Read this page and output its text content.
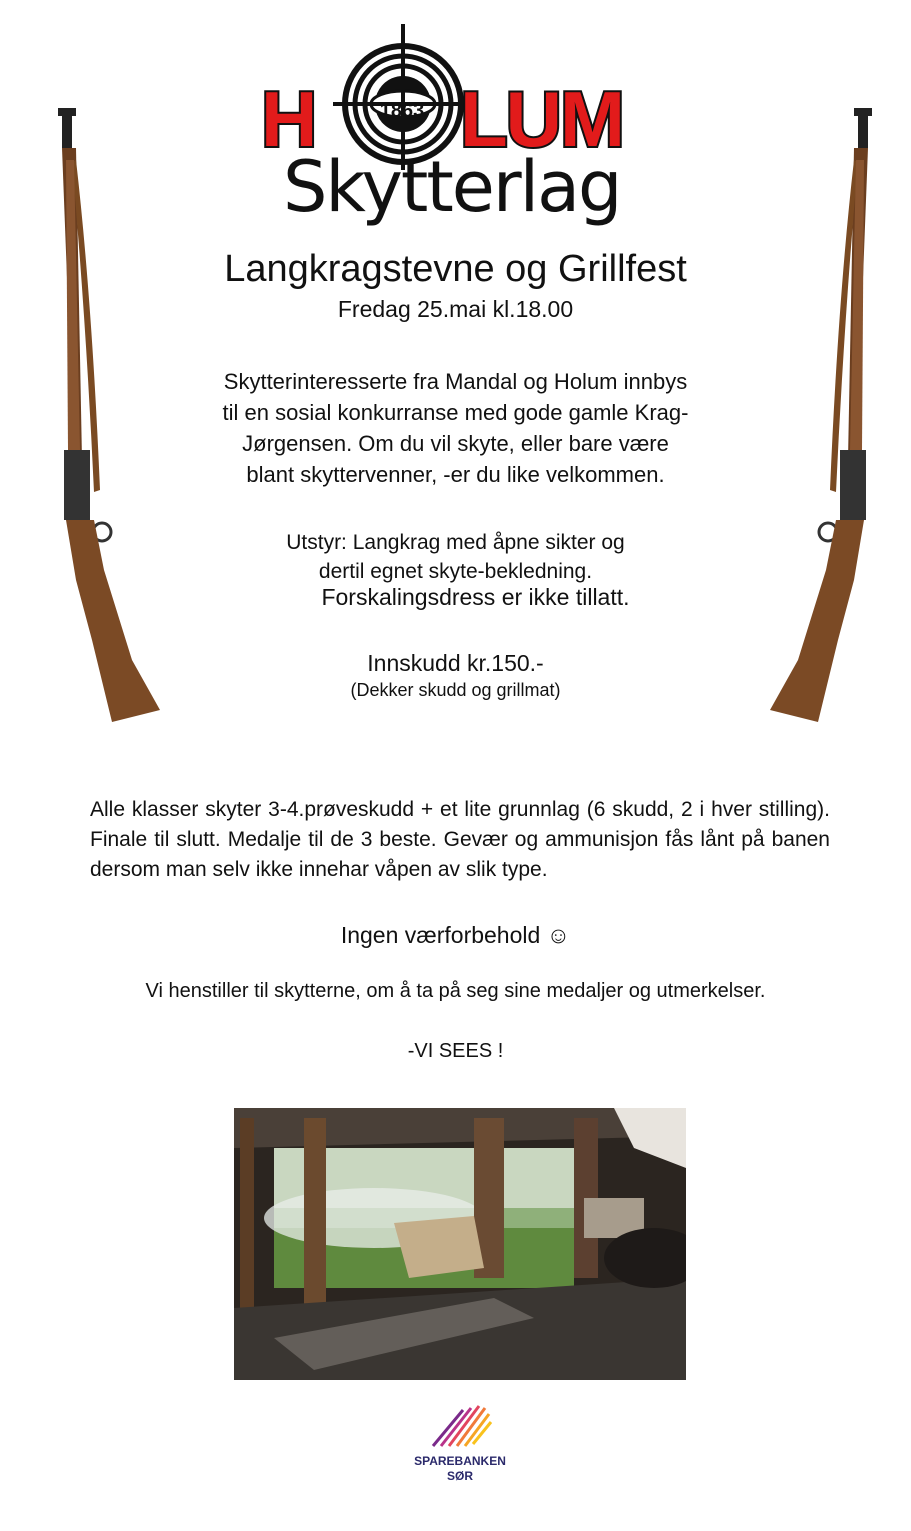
H LUM
1863
Skytterlag
Langkragstevne og Grillfest
Fredag 25.mai kl.18.00
Skytterinteresserte fra Mandal og Holum innbys
til en sosial konkurranse med gode gamle Krag-
Jørgensen. Om du vil skyte, eller bare være
blant skyttervenner, -er du like velkommen.
Utstyr: Langkrag med åpne sikter og
dertil egnet skyte-bekledning.
Forskalingsdress er ikke tillatt.
Innskudd kr.150.-
(Dekker skudd og grillmat)
Alle klasser skyter 3-4.prøveskudd + et lite grunnlag (6 skudd, 2 i hver stilling). Finale til slutt. Medalje til de 3 beste. Gevær og ammunisjon fås lånt på banen dersom man selv ikke innehar våpen av slik type.
Ingen værforbehold ☺
Vi henstiller til skytterne, om å ta på seg sine medaljer og utmerkelser.
-VI SEES !
SPAREBANKEN
SØR
